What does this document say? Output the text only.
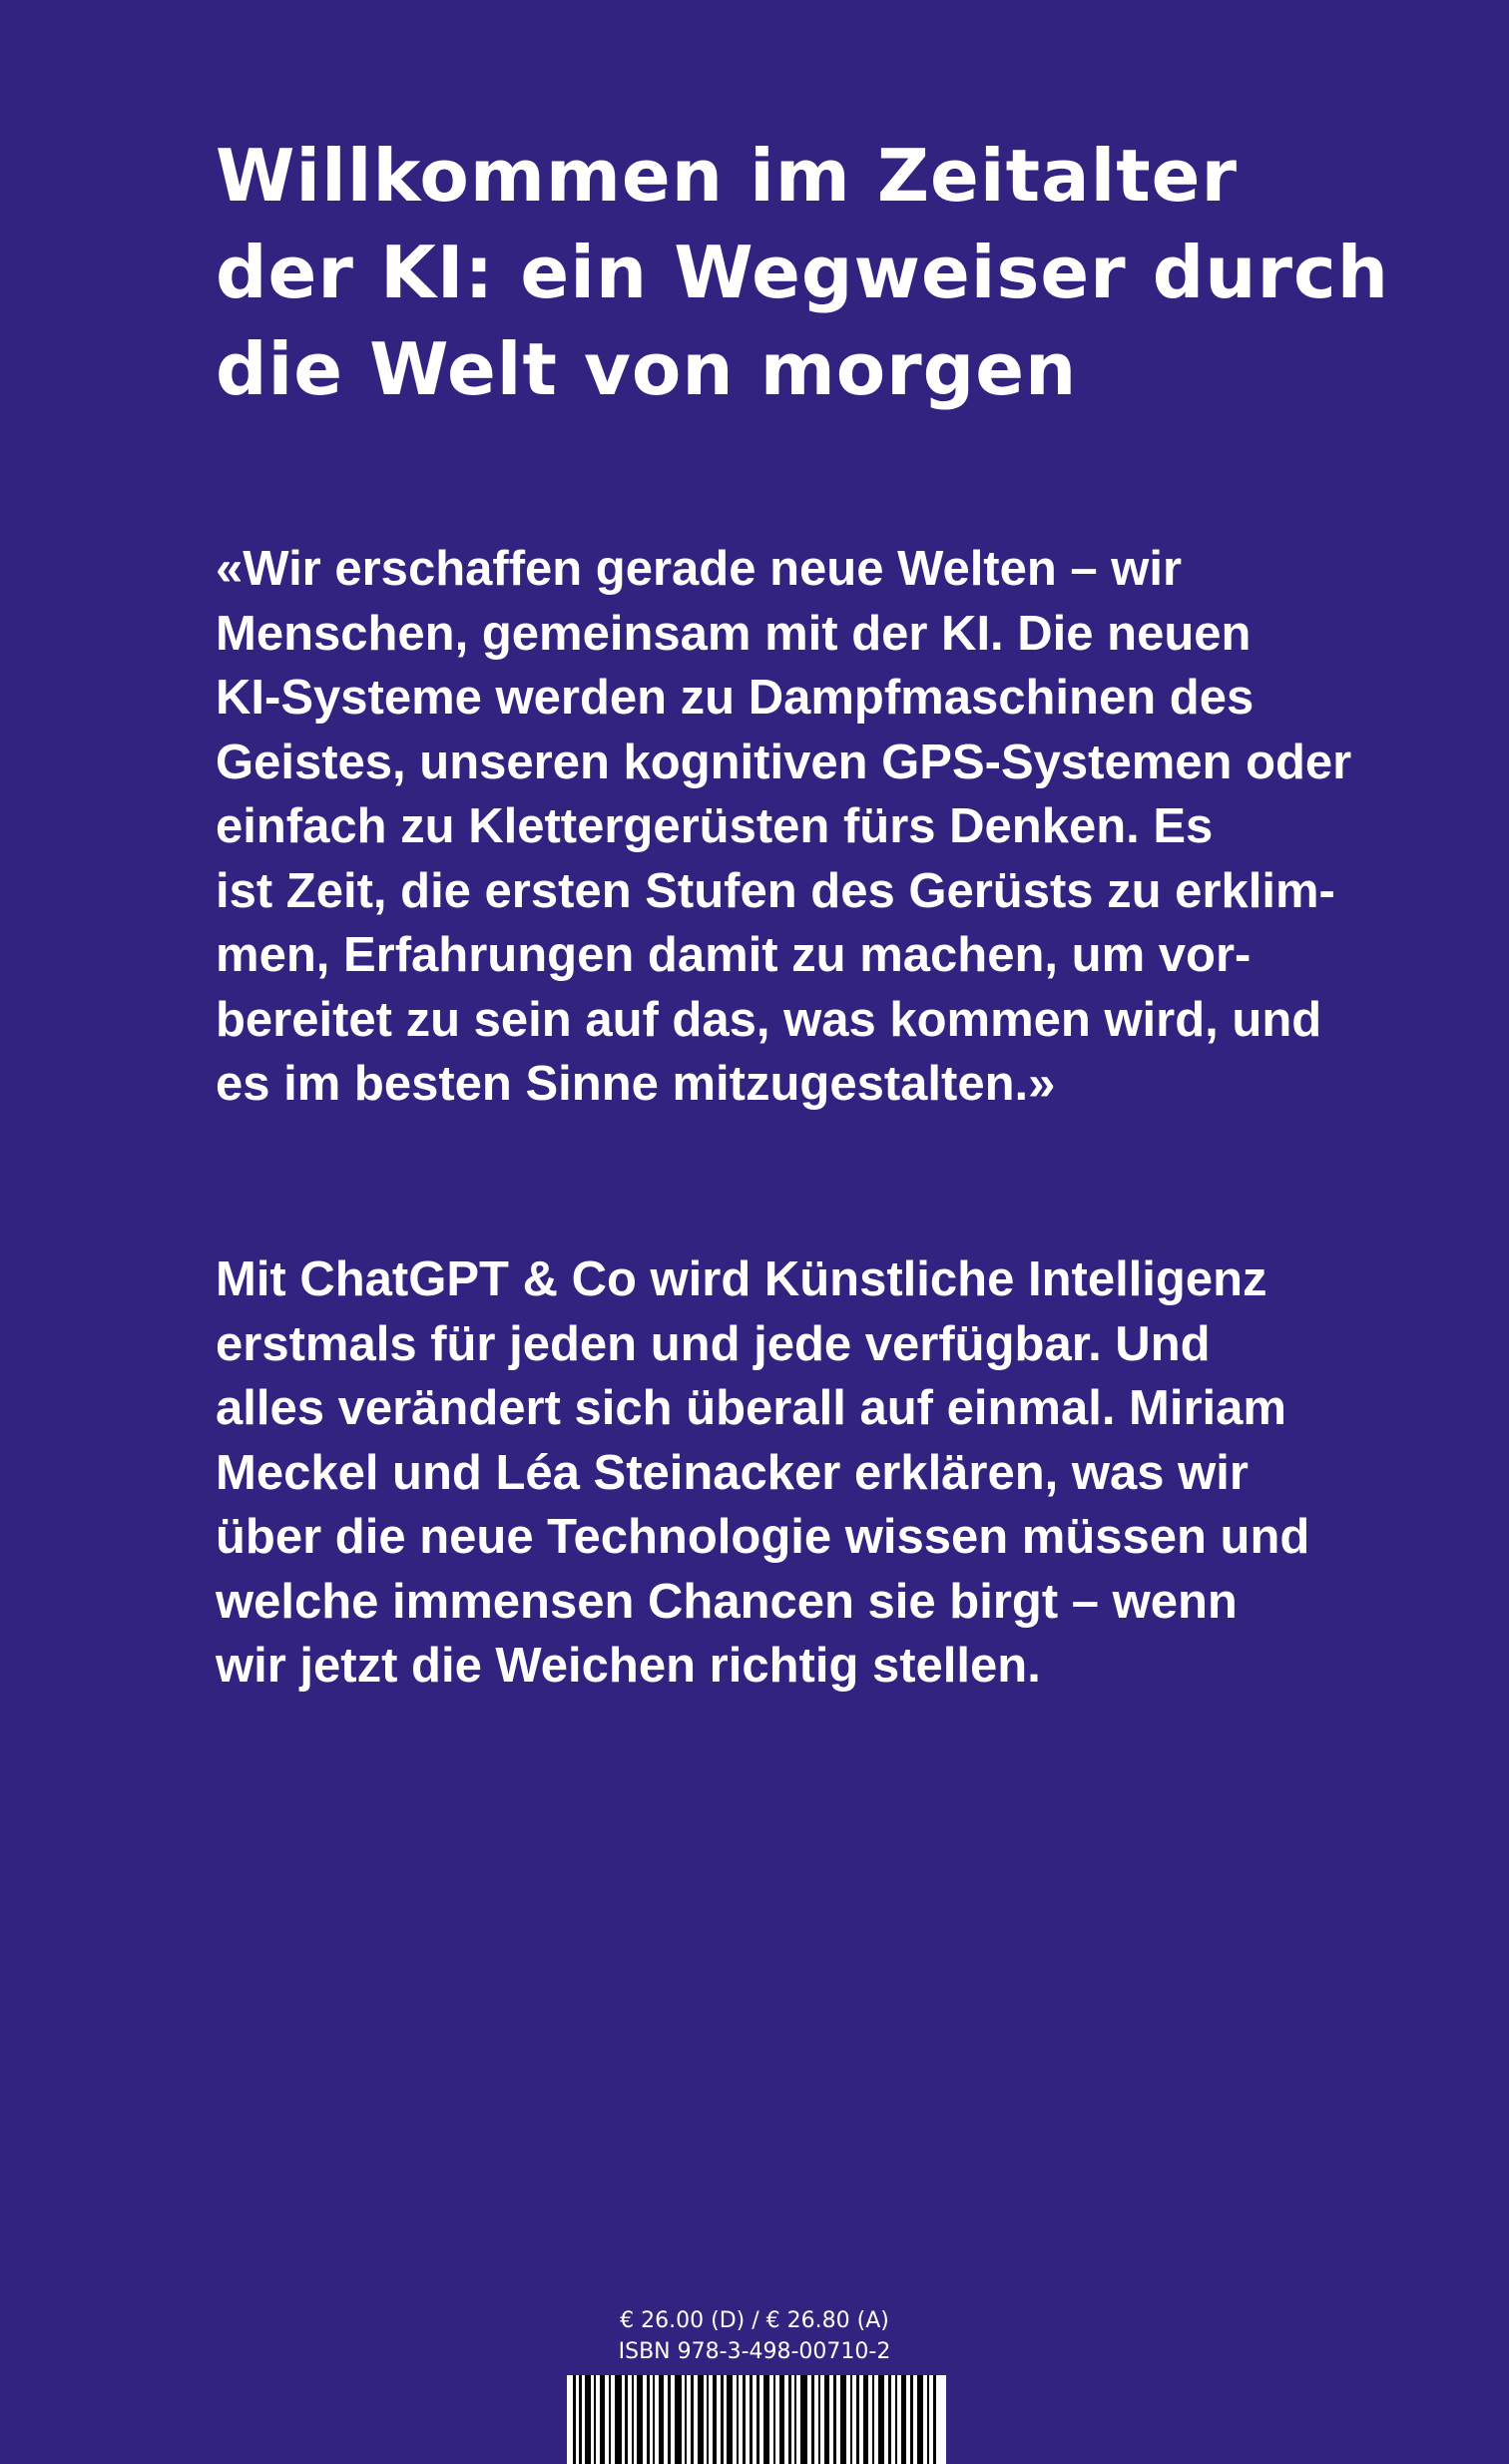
Willkommen im Zeitalter
der KI: ein Wegweiser durch
die Welt von morgen
«Wir erschaffen gerade neue Welten – wir
Menschen, gemeinsam mit der KI. Die neuen
KI-Systeme werden zu Dampfmaschinen des
Geistes, unseren kognitiven GPS-Systemen oder
einfach zu Klettergerüsten fürs Denken. Es
ist Zeit, die ersten Stufen des Gerüsts zu erklim-
men, Erfahrungen damit zu machen, um vor-
bereitet zu sein auf das, was kommen wird, und
es im besten Sinne mitzugestalten.»
Mit ChatGPT & Co wird Künstliche Intelligenz
erstmals für jeden und jede verfügbar. Und
alles verändert sich überall auf einmal. Miriam
Meckel und Léa Steinacker erklären, was wir
über die neue Technologie wissen müssen und
welche immensen Chancen sie birgt – wenn
wir jetzt die Weichen richtig stellen.
€ 26.00 (D) / € 26.80 (A)
ISBN 978-3-498-00710-2
